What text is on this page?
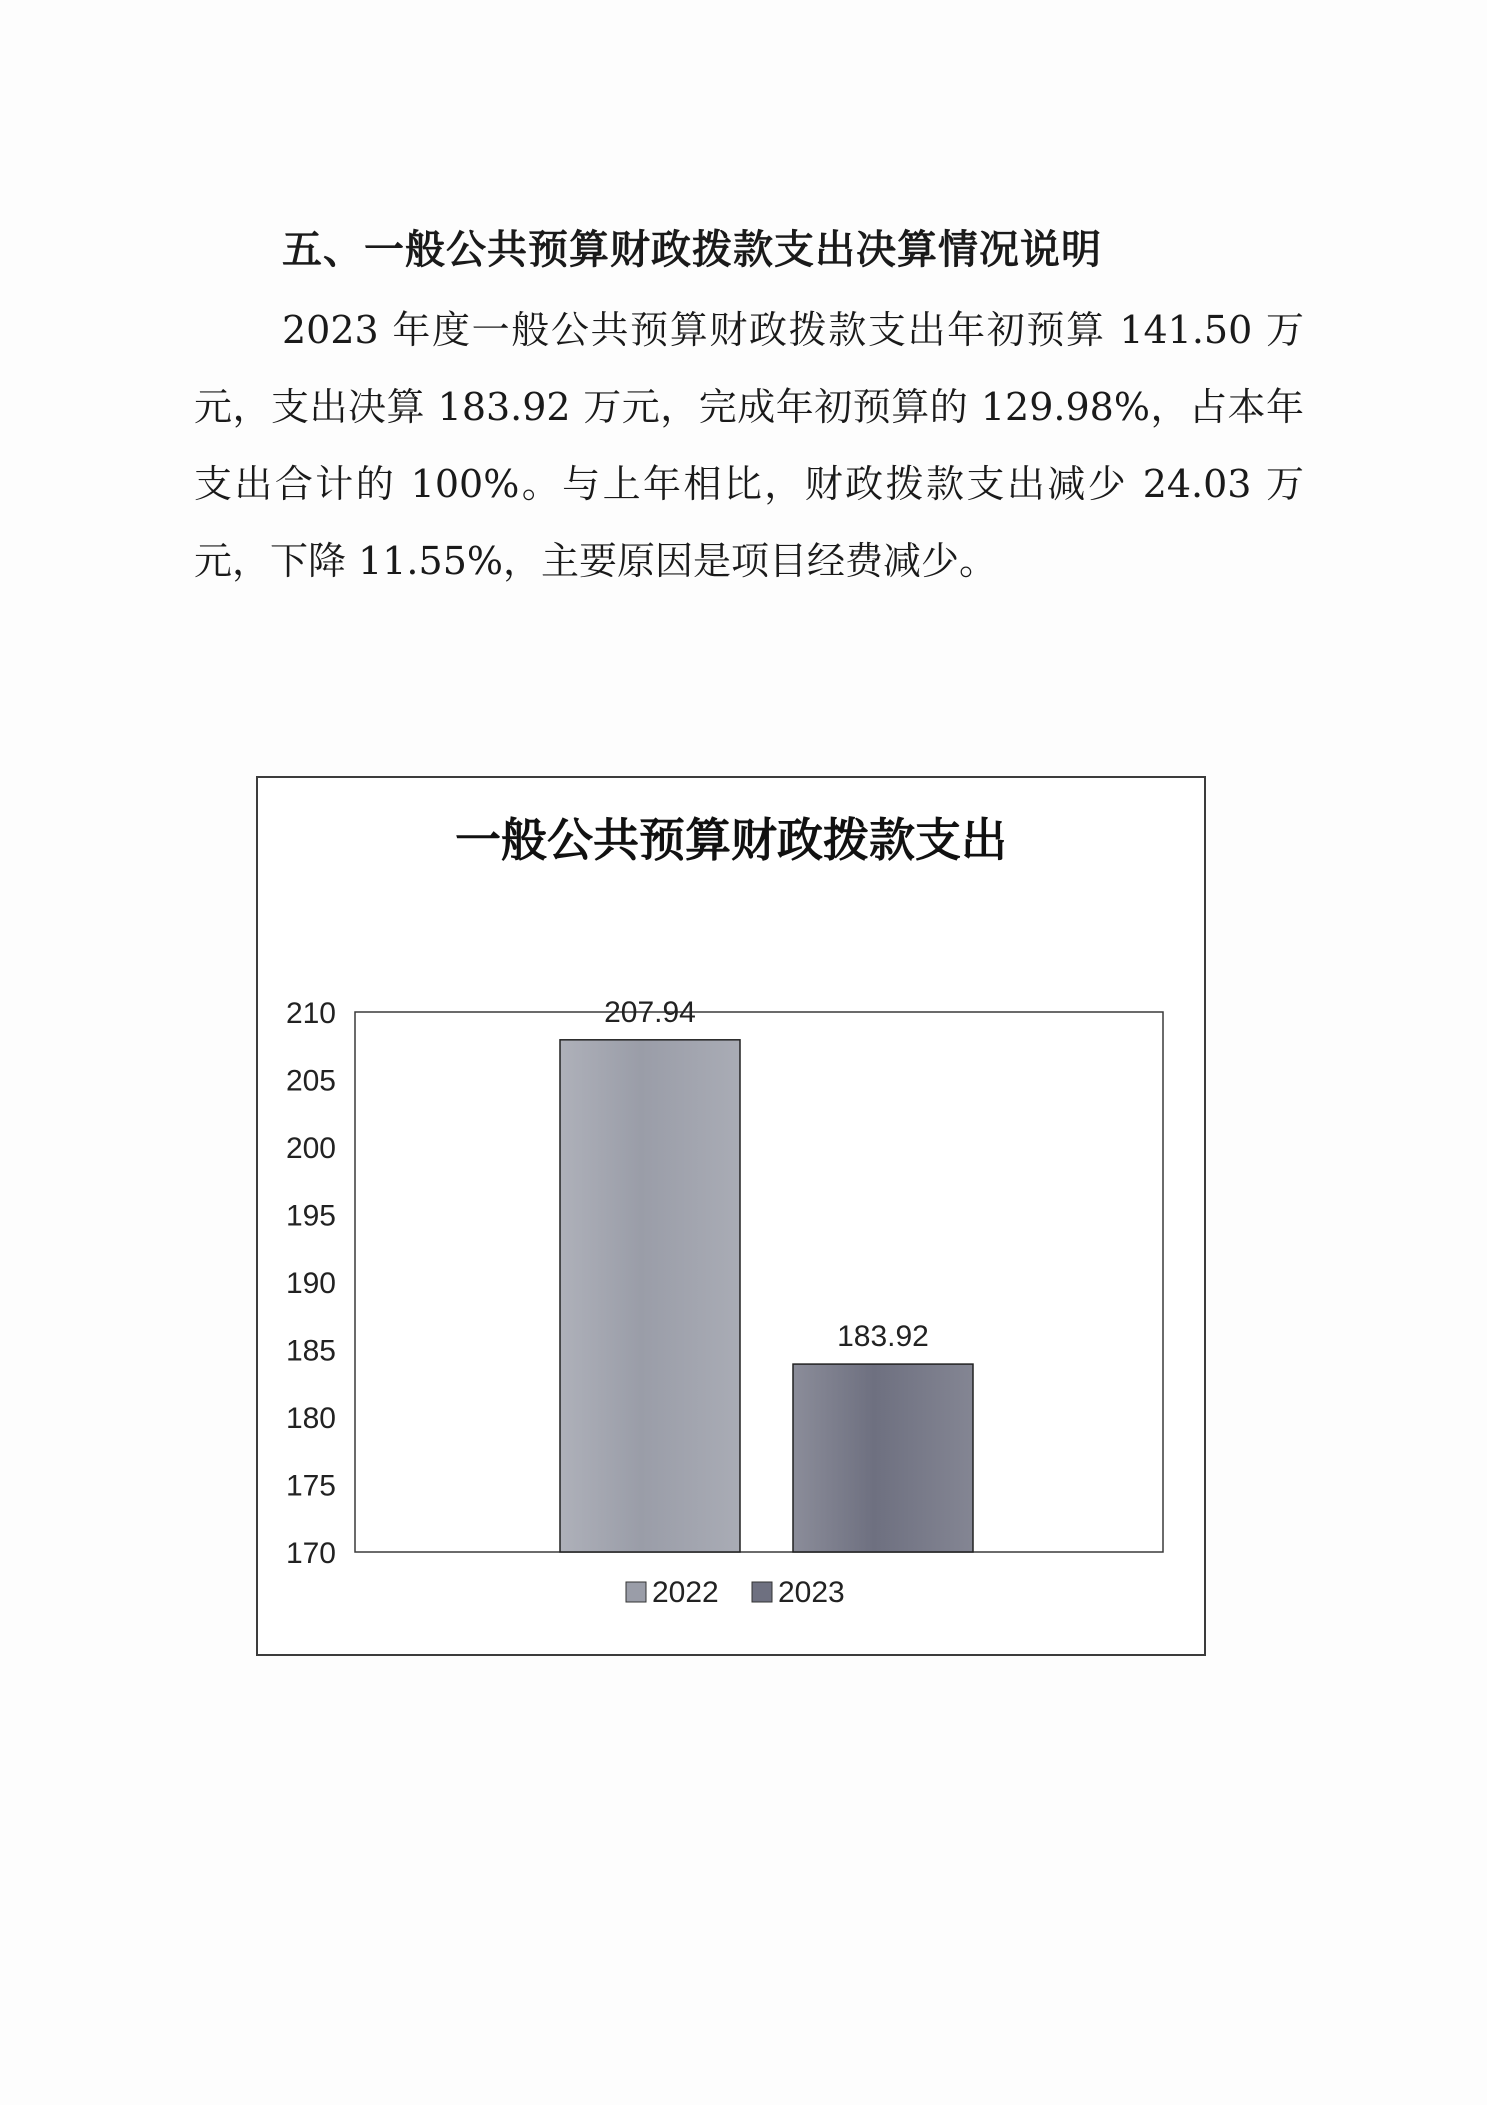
五、一般公共预算财政拨款支出决算情况说明

2023 年度一般公共预算财政拨款支出年初预算 141.50 万元，支出决算 183.92 万元，完成年初预算的 129.98%，占本年支出合计的 100%。与上年相比，财政拨款支出减少 24.03 万元，下降 11.55%，主要原因是项目经费减少。

一般公共预算财政拨款支出
170
175
180
185
190
195
200
205
210	207.94
183.92
2022 2023
